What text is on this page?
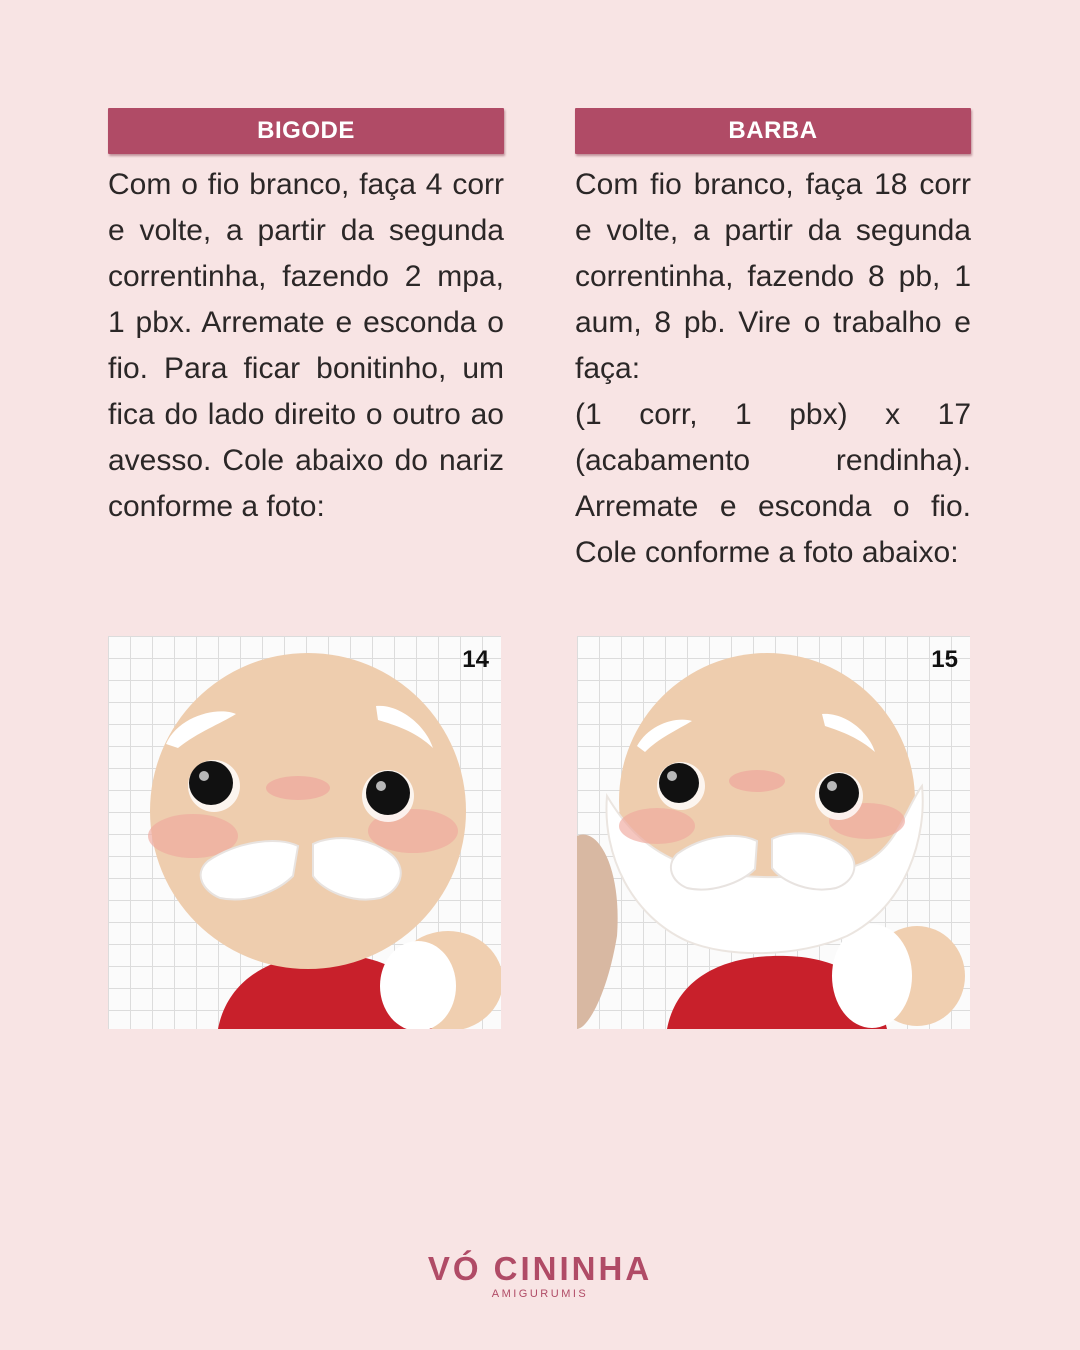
BIGODE
Com o fio branco, faça 4 corr e volte, a partir da segunda correntinha, fazendo 2 mpa, 1 pbx. Arremate e esconda o fio. Para ficar bonitinho, um fica do lado direito o outro ao avesso. Cole abaixo do nariz conforme a foto:
BARBA
Com fio branco, faça 18 corr e volte, a partir da segunda correntinha, fazendo 8 pb, 1 aum, 8 pb. Vire o trabalho e faça:
(1 corr, 1 pbx) x 17 (acabamento rendinha). Arremate e esconda o fio. Cole conforme a foto abaixo:
14	15
VÓ CININHA
AMIGURUMIS
